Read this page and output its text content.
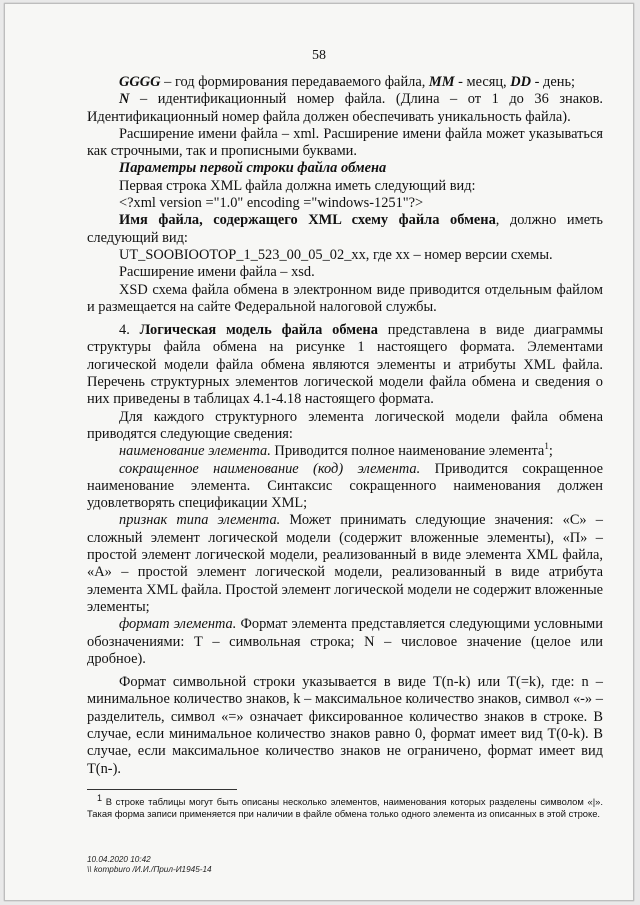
58

GGGG – год формирования передаваемого файла, MM - месяц, DD - день;

N – идентификационный номер файла. (Длина – от 1 до 36 знаков. Идентификационный номер файла должен обеспечивать уникальность файла).

Расширение имени файла – xml. Расширение имени файла может указываться как строчными, так и прописными буквами.

Параметры первой строки файла обмена

Первая строка XML файла должна иметь следующий вид:

<?xml version ="1.0" encoding ="windows-1251"?>

Имя файла, содержащего XML схему файла обмена, должно иметь следующий вид:

UT_SOOBIOOTOP_1_523_00_05_02_xx, где xx – номер версии схемы.

Расширение имени файла – xsd.

XSD схема файла обмена в электронном виде приводится отдельным файлом и размещается на сайте Федеральной налоговой службы.

4. Логическая модель файла обмена представлена в виде диаграммы структуры файла обмена на рисунке 1 настоящего формата. Элементами логической модели файла обмена являются элементы и атрибуты XML файла. Перечень структурных элементов логической модели файла обмена и сведения о них приведены в таблицах 4.1-4.18 настоящего формата.

Для каждого структурного элемента логической модели файла обмена приводятся следующие сведения:

наименование элемента. Приводится полное наименование элемента$^1$;

сокращенное наименование (код) элемента. Приводится сокращенное наименование элемента. Синтаксис сокращенного наименования должен удовлетворять спецификации XML;

признак типа элемента. Может принимать следующие значения: «С» – сложный элемент логической модели (содержит вложенные элементы), «П» – простой элемент логической модели, реализованный в виде элемента XML файла, «А» – простой элемент логической модели, реализованный в виде атрибута элемента XML файла. Простой элемент логической модели не содержит вложенные элементы;

формат элемента. Формат элемента представляется следующими условными обозначениями: Т – символьная строка; N – числовое значение (целое или дробное).

Формат символьной строки указывается в виде T(n-k) или T(=k), где: n – минимальное количество знаков, k – максимальное количество знаков, символ «-» – разделитель, символ «=» означает фиксированное количество знаков в строке. В случае, если минимальное количество знаков равно 0, формат имеет вид T(0-k). В случае, если максимальное количество знаков не ограничено, формат имеет вид T(n-).

$^1$ В строке таблицы могут быть описаны несколько элементов, наименования которых разделены символом «|». Такая форма записи применяется при наличии в файле обмена только одного элемента из описанных в этой строке.
10.04.2020 10:42
\\ kompburo /И.И./Прил-И1945-14
